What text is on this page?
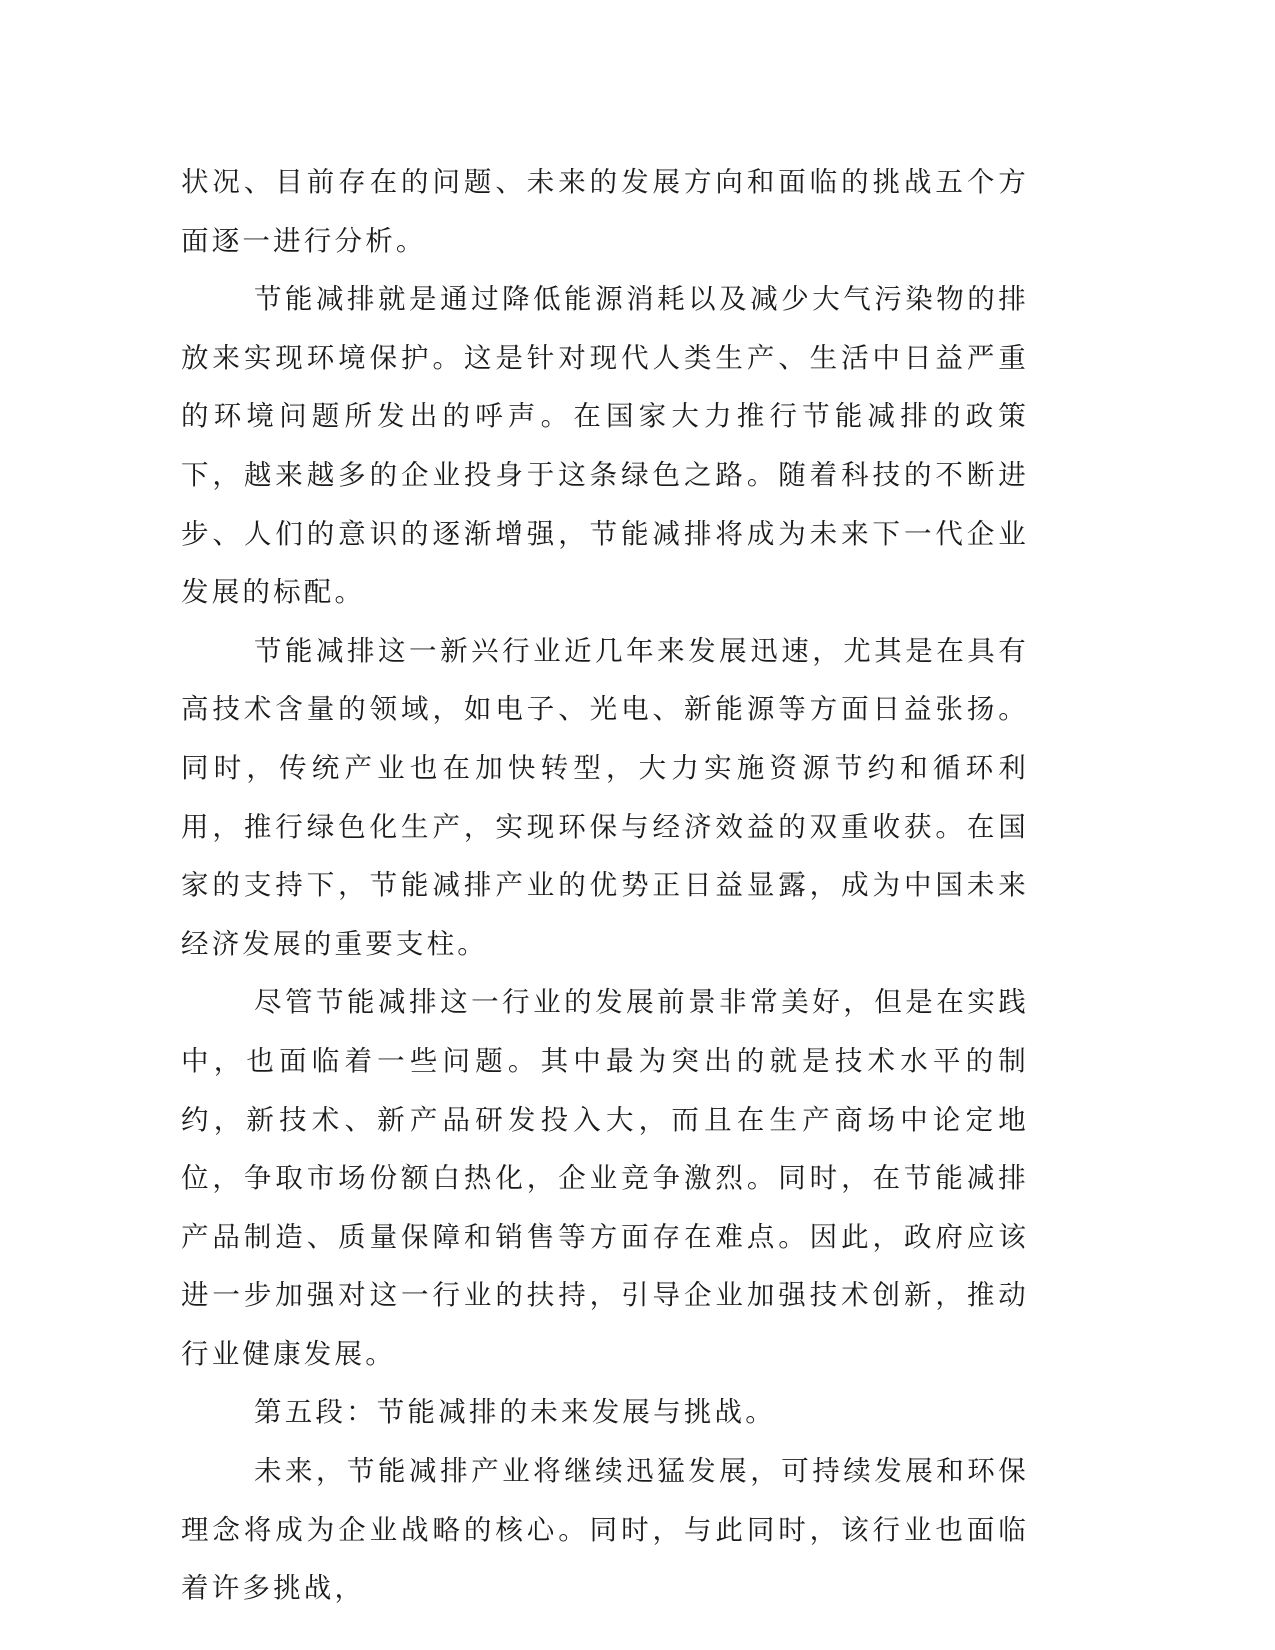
状况、目前存在的问题、未来的发展方向和面临的挑战五个方面逐一进行分析。

节能减排就是通过降低能源消耗以及减少大气污染物的排放来实现环境保护。这是针对现代人类生产、生活中日益严重的环境问题所发出的呼声。在国家大力推行节能减排的政策下，越来越多的企业投身于这条绿色之路。随着科技的不断进步、人们的意识的逐渐增强，节能减排将成为未来下一代企业发展的标配。

节能减排这一新兴行业近几年来发展迅速，尤其是在具有高技术含量的领域，如电子、光电、新能源等方面日益张扬。同时，传统产业也在加快转型，大力实施资源节约和循环利用，推行绿色化生产，实现环保与经济效益的双重收获。在国家的支持下，节能减排产业的优势正日益显露，成为中国未来经济发展的重要支柱。

尽管节能减排这一行业的发展前景非常美好，但是在实践中，也面临着一些问题。其中最为突出的就是技术水平的制约，新技术、新产品研发投入大，而且在生产商场中论定地位，争取市场份额白热化，企业竞争激烈。同时，在节能减排产品制造、质量保障和销售等方面存在难点。因此，政府应该进一步加强对这一行业的扶持，引导企业加强技术创新，推动行业健康发展。

第五段：节能减排的未来发展与挑战。

未来，节能减排产业将继续迅猛发展，可持续发展和环保理念将成为企业战略的核心。同时，与此同时，该行业也面临着许多挑战，
